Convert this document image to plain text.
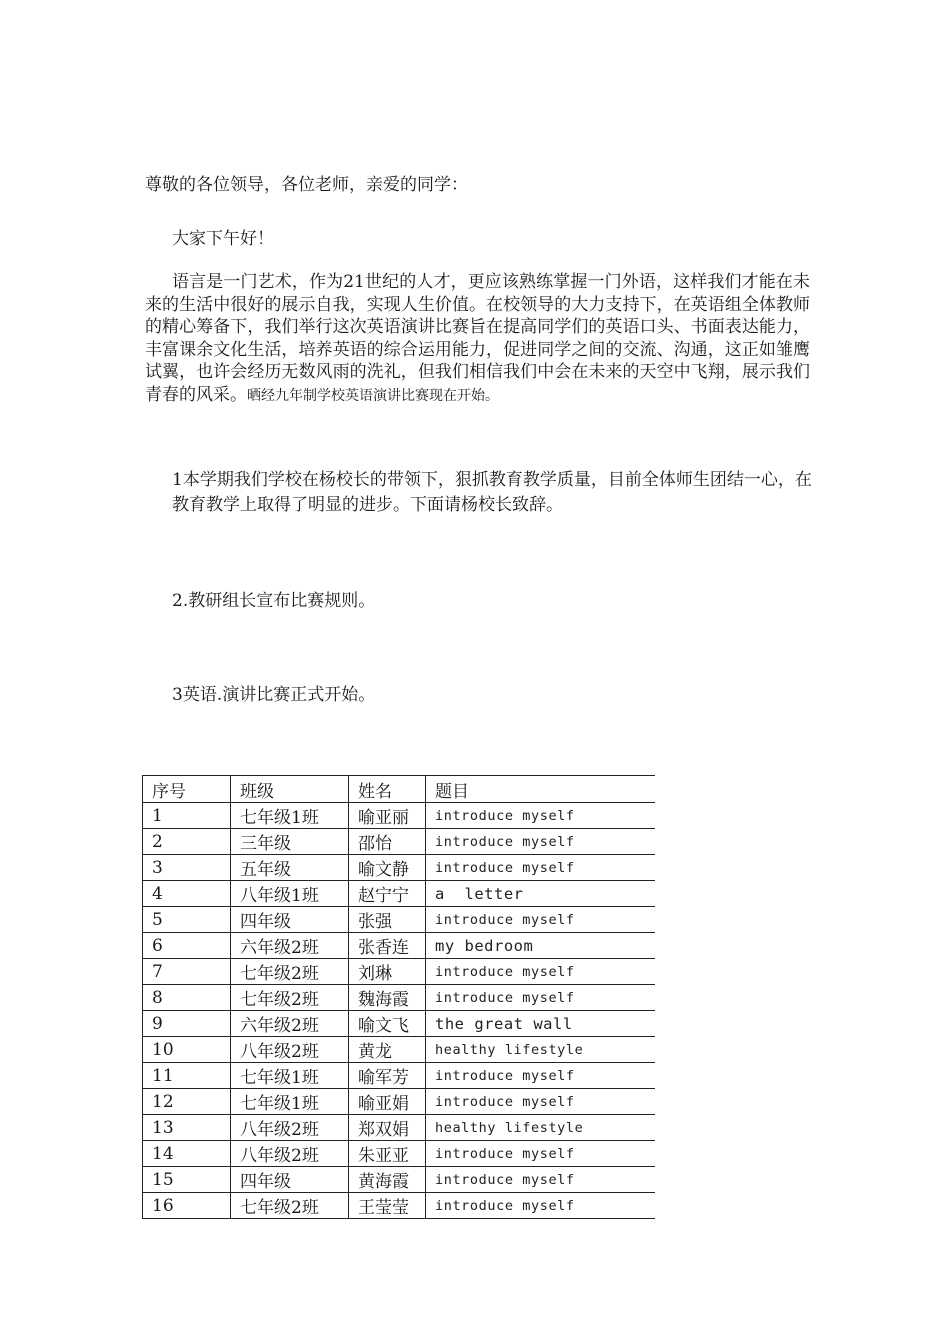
尊敬的各位领导，各位老师，亲爱的同学：

大家下午好！

语言是一门艺术，作为21世纪的人才，更应该熟练掌握一门外语，这样我们才能在未来的生活中很好的展示自我，实现人生价值。在校领导的大力支持下，在英语组全体教师的精心筹备下，我们举行这次英语演讲比赛旨在提高同学们的英语口头、书面表达能力，丰富课余文化生活，培养英语的综合运用能力，促进同学之间的交流、沟通，这正如雏鹰试翼，也许会经历无数风雨的洗礼，但我们相信我们中会在未来的天空中飞翔，展示我们青春的风采。晒经九年制学校英语演讲比赛现在开始。

1本学期我们学校在杨校长的带领下，狠抓教育教学质量，目前全体师生团结一心，在教育教学上取得了明显的进步。下面请杨校长致辞。

2.教研组长宣布比赛规则。

3英语.演讲比赛正式开始。

序号	班级	姓名	题目
1	七年级1班	喻亚丽	introduce myself
2	三年级	邵怡	introduce myself
3	五年级	喻文静	introduce myself
4	八年级1班	赵宁宁	a  letter
5	四年级	张强	introduce myself
6	六年级2班	张香连	my bedroom
7	七年级2班	刘琳	introduce myself
8	七年级2班	魏海霞	introduce myself
9	六年级2班	喻文飞	the great wall
10	八年级2班	黄龙	healthy lifestyle
11	七年级1班	喻军芳	introduce myself
12	七年级1班	喻亚娟	introduce myself
13	八年级2班	郑双娟	healthy lifestyle
14	八年级2班	朱亚亚	introduce myself
15	四年级	黄海霞	introduce myself
16	七年级2班	王莹莹	introduce myself
